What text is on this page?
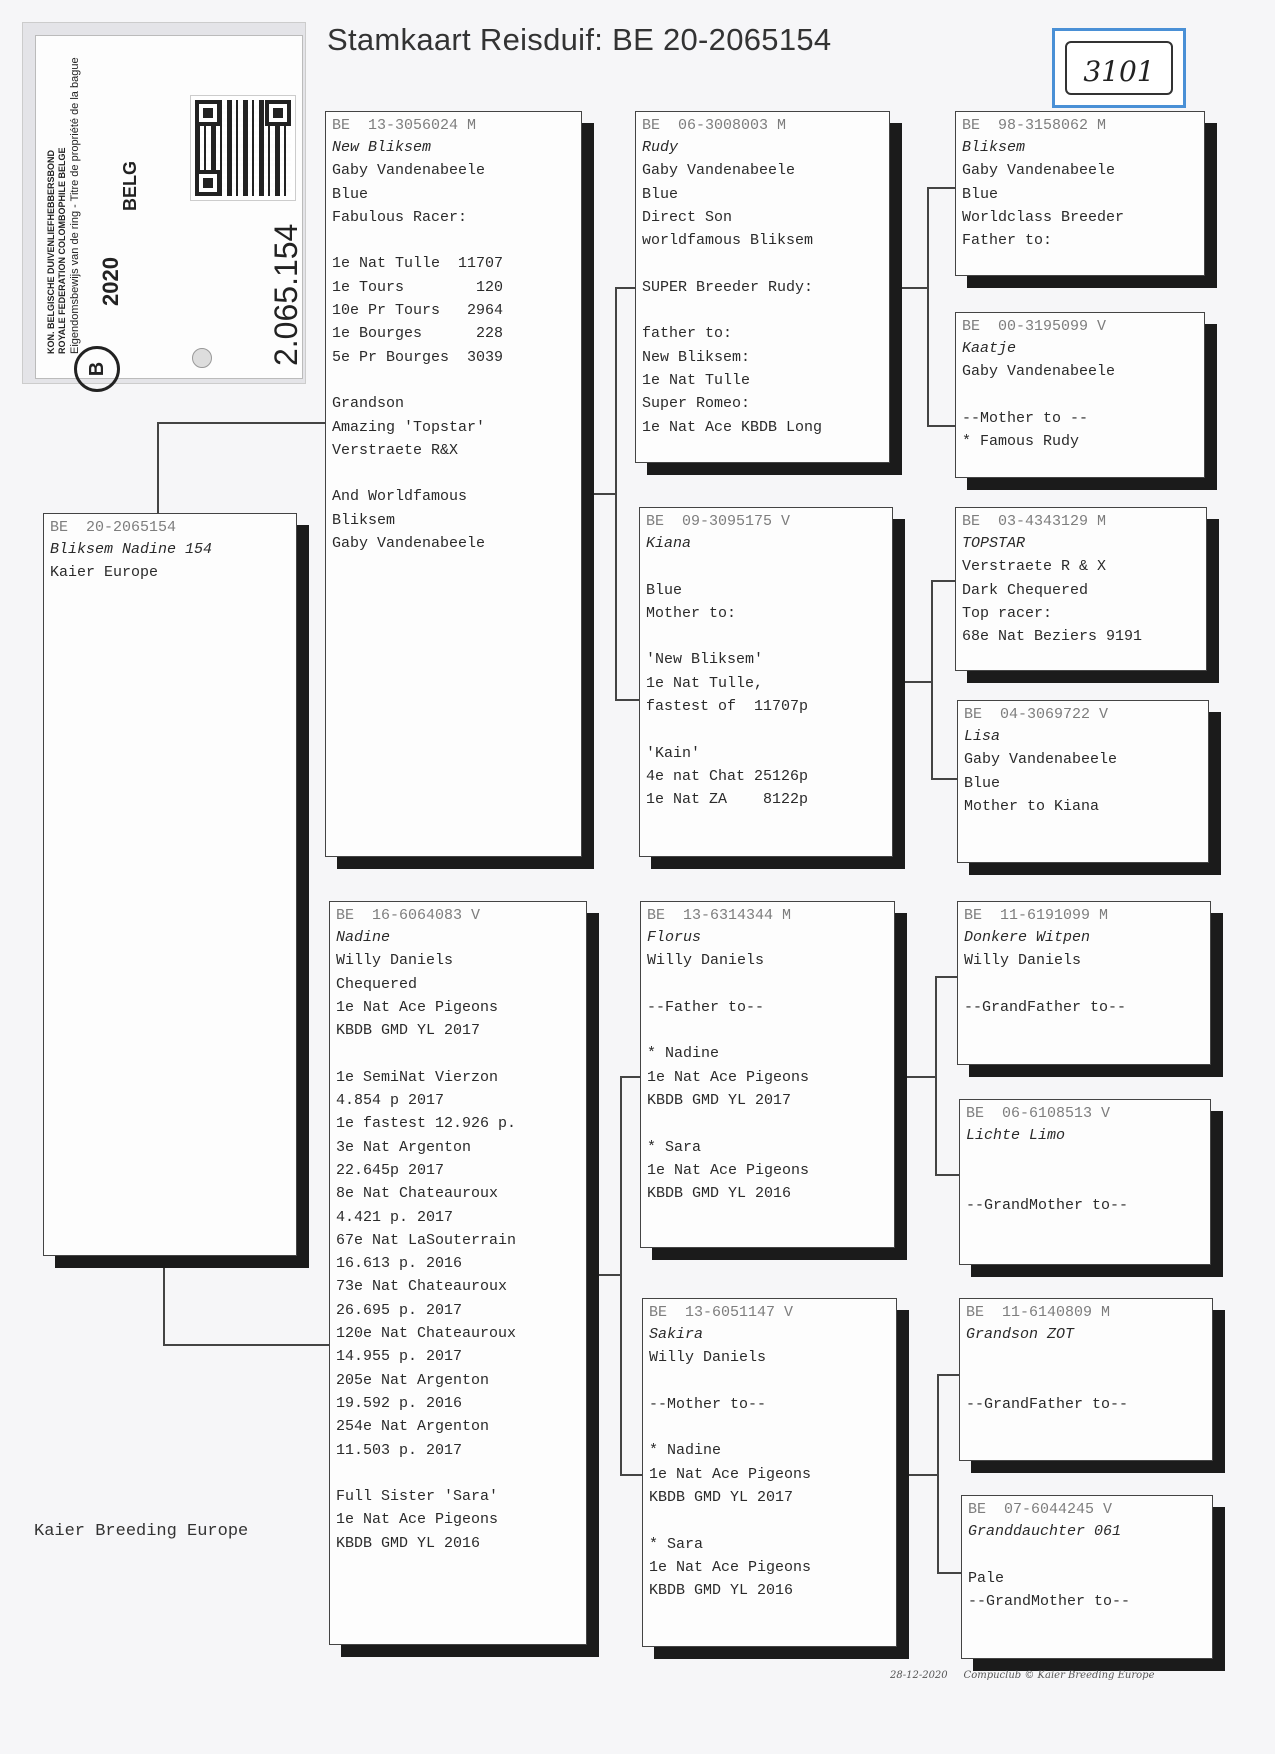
Stamkaart Reisduif: BE 20-2065154
3101
KON. BELGISCHE DUIVENLIEFHEBBERSBOND ROYALE FEDERATION COLOMBOPHILE BELGE Eigendomsbewijs van de ring - Titre de propriété de la bague 2020
BELG
B
2.065.154
BE  20-2065154
Bliksem Nadine 154
Kaier Europe
BE  13-3056024 M
New Bliksem
Gaby Vandenabeele
Blue
Fabulous Racer:

1e Nat Tulle  11707
1e Tours        120
10e Pr Tours   2964
1e Bourges      228
5e Pr Bourges  3039

Grandson
Amazing 'Topstar'
Verstraete R&X

And Worldfamous
Bliksem
Gaby Vandenabeele
BE  16-6064083 V
Nadine
Willy Daniels
Chequered
1e Nat Ace Pigeons
KBDB GMD YL 2017

1e SemiNat Vierzon
4.854 p 2017
1e fastest 12.926 p.
3e Nat Argenton
22.645p 2017
8e Nat Chateauroux
4.421 p. 2017
67e Nat LaSouterrain
16.613 p. 2016
73e Nat Chateauroux
26.695 p. 2017
120e Nat Chateauroux
14.955 p. 2017
205e Nat Argenton
19.592 p. 2016
254e Nat Argenton
11.503 p. 2017

Full Sister 'Sara'
1e Nat Ace Pigeons
KBDB GMD YL 2016
BE  06-3008003 M
Rudy
Gaby Vandenabeele
Blue
Direct Son
worldfamous Bliksem

SUPER Breeder Rudy:

father to:
New Bliksem:
1e Nat Tulle
Super Romeo:
1e Nat Ace KBDB Long
BE  09-3095175 V
Kiana

Blue
Mother to:

'New Bliksem'
1e Nat Tulle,
fastest of  11707p

'Kain'
4e nat Chat 25126p
1e Nat ZA    8122p
BE  13-6314344 M
Florus
Willy Daniels

--Father to--

* Nadine
1e Nat Ace Pigeons
KBDB GMD YL 2017

* Sara
1e Nat Ace Pigeons
KBDB GMD YL 2016
BE  13-6051147 V
Sakira
Willy Daniels

--Mother to--

* Nadine
1e Nat Ace Pigeons
KBDB GMD YL 2017

* Sara
1e Nat Ace Pigeons
KBDB GMD YL 2016
BE  98-3158062 M
Bliksem
Gaby Vandenabeele
Blue
Worldclass Breeder
Father to:
BE  00-3195099 V
Kaatje
Gaby Vandenabeele

--Mother to --
* Famous Rudy
BE  03-4343129 M
TOPSTAR
Verstraete R & X
Dark Chequered
Top racer:
68e Nat Beziers 9191
BE  04-3069722 V
Lisa
Gaby Vandenabeele
Blue
Mother to Kiana
BE  11-6191099 M
Donkere Witpen
Willy Daniels

--GrandFather to--
BE  06-6108513 V
Lichte Limo

--GrandMother to--
BE  11-6140809 M
Grandson ZOT

--GrandFather to--
BE  07-6044245 V
Granddauchter 061

Pale
--GrandMother to--
Kaier Breeding Europe
28-12-2020     Compuclub © Kaier Breeding Europe
